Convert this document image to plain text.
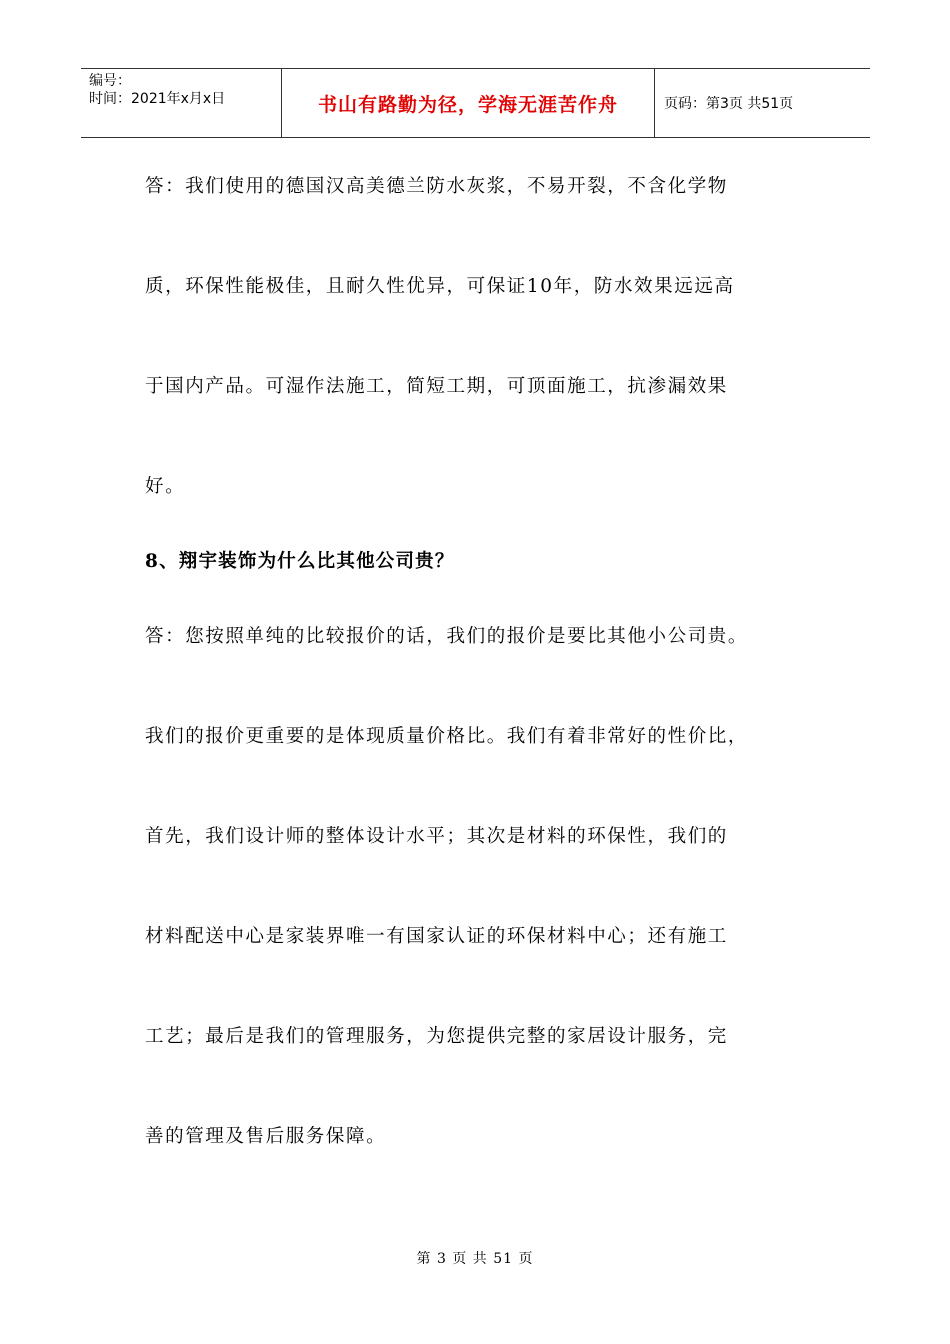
编号：
时间：2021年x月x日	书山有路勤为径，学海无涯苦作舟	页码：第3页 共51页
答：我们使用的德国汉高美德兰防水灰浆，不易开裂，不含化学物
质，环保性能极佳，且耐久性优异，可保证10年，防水效果远远高
于国内产品。可湿作法施工，简短工期，可顶面施工，抗渗漏效果
好。
8、翔宇装饰为什么比其他公司贵？
答：您按照单纯的比较报价的话，我们的报价是要比其他小公司贵。
我们的报价更重要的是体现质量价格比。我们有着非常好的性价比，
首先，我们设计师的整体设计水平；其次是材料的环保性，我们的
材料配送中心是家装界唯一有国家认证的环保材料中心；还有施工
工艺；最后是我们的管理服务，为您提供完整的家居设计服务，完
善的管理及售后服务保障。
第 3 页 共 51 页
